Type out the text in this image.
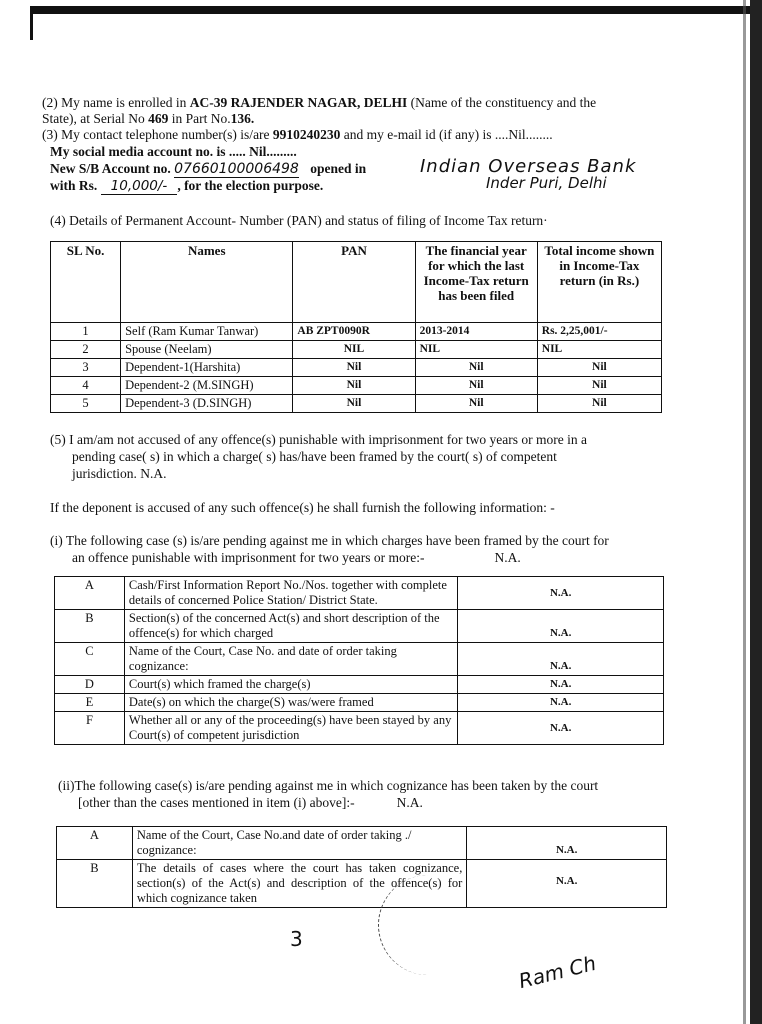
(2) My name is enrolled in AC-39 RAJENDER NAGAR, DELHI (Name of the constituency and the
State), at Serial No 469 in Part No.136.
(3) My contact telephone number(s) is/are 9910240230 and my e-mail id (if any) is ....Nil........
My social media account no. is ..... Nil.........
New S/B Account no. 07660100006498 opened in	Indian Overseas Bank
with Rs. 10,000/- , for the election purpose.	Inder Puri, Delhi
(4) Details of Permanent Account- Number (PAN) and status of filing of Income Tax return·
SL No.	Names	PAN	The financial year for which the last Income-Tax return has been filed	Total income shown in Income-Tax return (in Rs.)
1	Self (Ram Kumar Tanwar)	AB ZPT0090R	2013-2014	Rs. 2,25,001/-
2	Spouse (Neelam)	NIL	NIL	NIL
3	Dependent-1(Harshita)	Nil	Nil	Nil
4	Dependent-2 (M.SINGH)	Nil	Nil	Nil
5	Dependent-3 (D.SINGH)	Nil	Nil	Nil
(5) I am/am not accused of any offence(s) punishable with imprisonment for two years or more in a
pending case( s) in which a charge( s) has/have been framed by the court( s) of competent
jurisdiction. N.A.
If the deponent is accused of any such offence(s) he shall furnish the following information: -
(i) The following case (s) is/are pending against me in which charges have been framed by the court for
an offence punishable with imprisonment for two years or more:-	N.A.
A	Cash/First Information Report No./Nos. together with complete details of concerned Police Station/ District State.	N.A.
B	Section(s) of the concerned Act(s) and short description of the offence(s) for which charged	N.A.
C	Name of the Court, Case No. and date of order taking cognizance:	N.A.
D	Court(s) which framed the charge(s)	N.A.
E	Date(s) on which the charge(S) was/were framed	N.A.
F	Whether all or any of the proceeding(s) have been stayed by any Court(s) of competent jurisdiction	N.A.
(ii)The following case(s) is/are pending against me in which cognizance has been taken by the court
[other than the cases mentioned in item (i) above]:-	N.A.
A	Name of the Court, Case No.and date of order taking ./ cognizance:	N.A.
B	The details of cases where the court has taken cognizance, section(s) of the Act(s) and description of the offence(s) for which cognizance taken	N.A.
3
Ram Ch
